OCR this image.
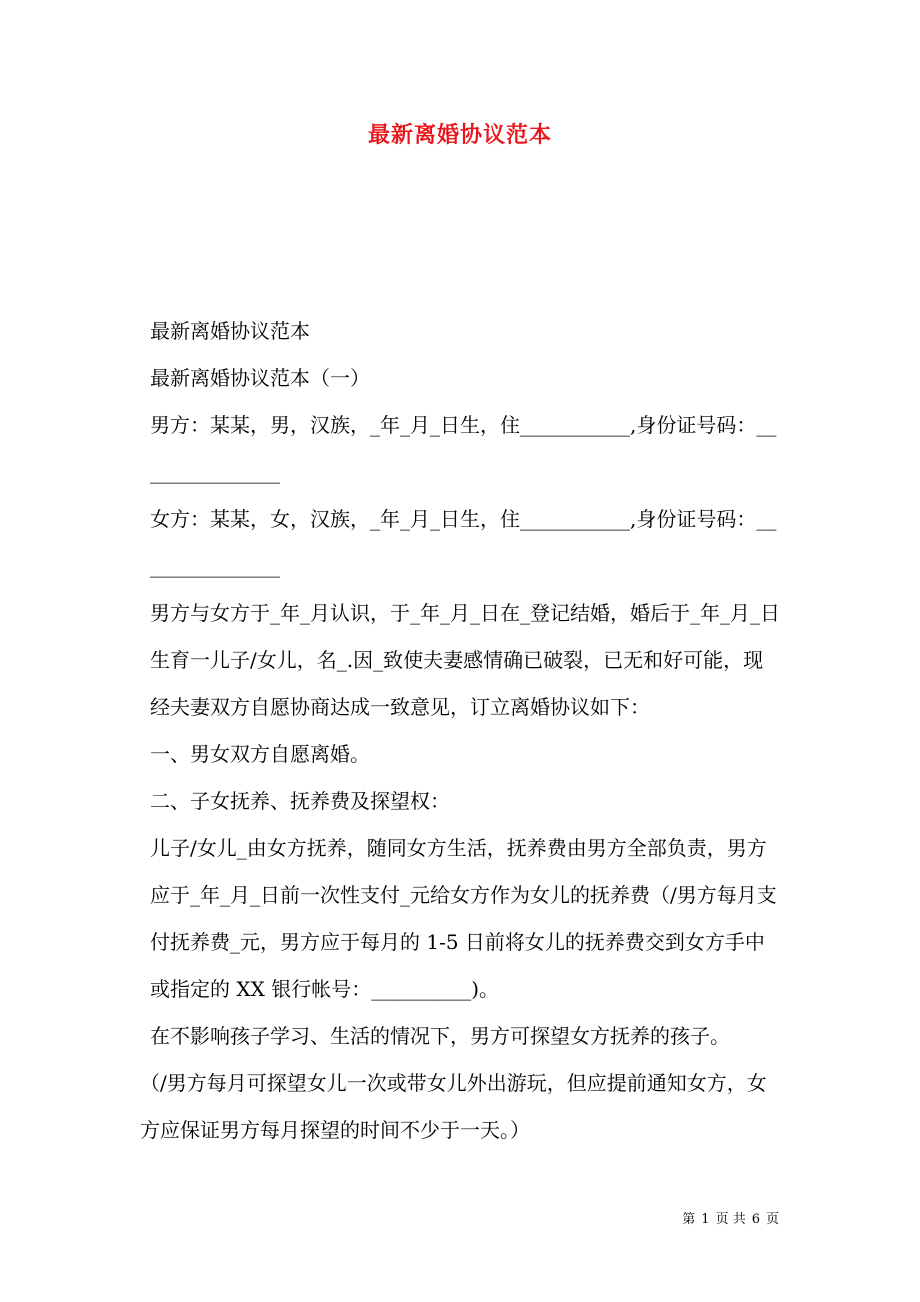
最新离婚协议范本

最新离婚协议范本

最新离婚协议范本（一）

男方：某某，男，汉族，_年_月_日生，住___________,身份证号码：_______________

女方：某某，女，汉族，_年_月_日生，住___________,身份证号码：_______________

男方与女方于_年_月认识，于_年_月_日在_登记结婚，婚后于_年_月_日生育一儿子/女儿，名_.因_致使夫妻感情确已破裂，已无和好可能，现经夫妻双方自愿协商达成一致意见，订立离婚协议如下：

一、男女双方自愿离婚。

二、子女抚养、抚养费及探望权：

儿子/女儿_由女方抚养，随同女方生活，抚养费由男方全部负责，男方应于_年_月_日前一次性支付_元给女方作为女儿的抚养费（/男方每月支付抚养费_元，男方应于每月的 1-5 日前将女儿的抚养费交到女方手中或指定的 XX 银行帐号：__________)。

在不影响孩子学习、生活的情况下，男方可探望女方抚养的孩子。

（/男方每月可探望女儿一次或带女儿外出游玩，但应提前通知女方，女方应保证男方每月探望的时间不少于一天。）

第 1 页 共 6 页
